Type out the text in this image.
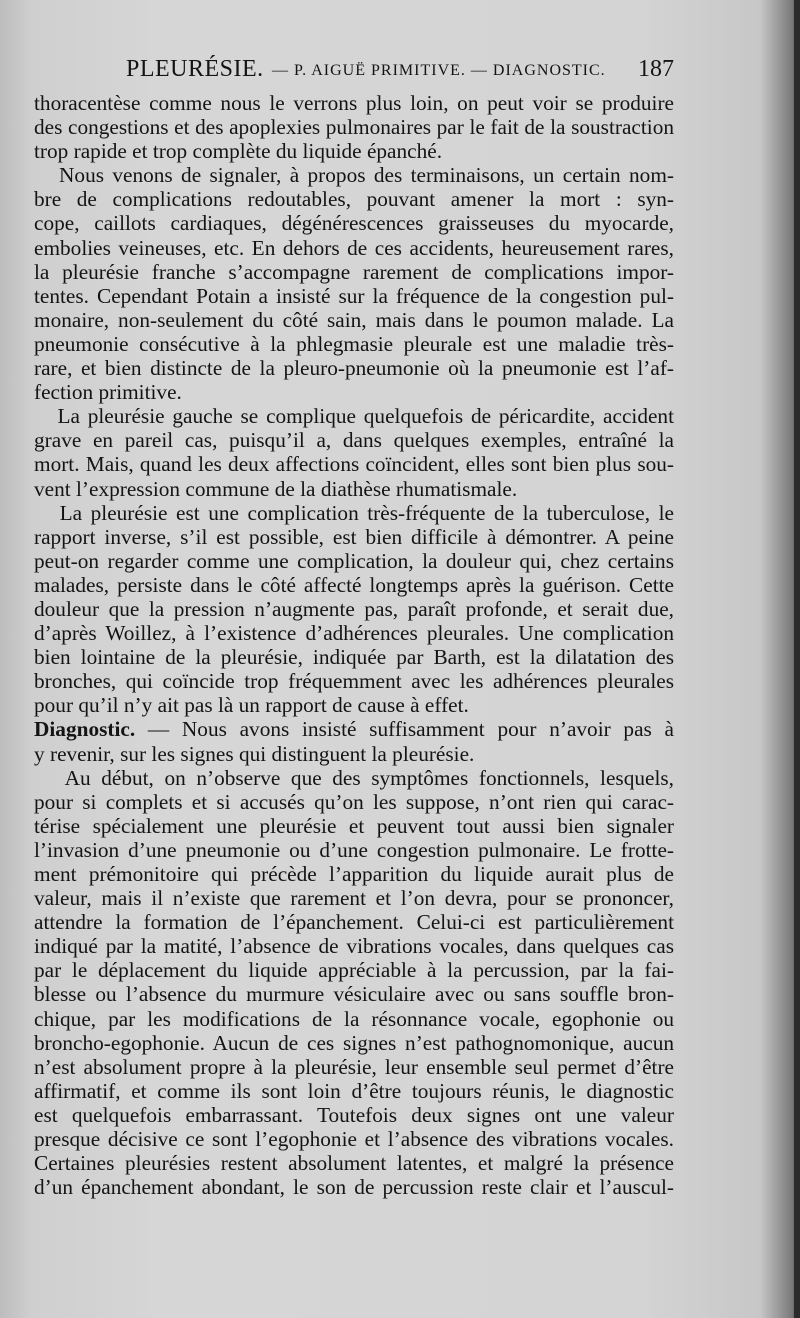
PLEURÉSIE. — P. AIGUË PRIMITIVE. — DIAGNOSTIC. 187
thoracentèse comme nous le verrons plus loin, on peut voir se produire
des congestions et des apoplexies pulmonaires par le fait de la soustraction
trop rapide et trop complète du liquide épanché.
Nous venons de signaler, à propos des terminaisons, un certain nom-
bre de complications redoutables, pouvant amener la mort : syn-
cope, caillots cardiaques, dégénérescences graisseuses du myocarde,
embolies veineuses, etc. En dehors de ces accidents, heureusement rares,
la pleurésie franche s’accompagne rarement de complications impor-
tentes. Cependant Potain a insisté sur la fréquence de la congestion pul-
monaire, non-seulement du côté sain, mais dans le poumon malade. La
pneumonie consécutive à la phlegmasie pleurale est une maladie très-
rare, et bien distincte de la pleuro-pneumonie où la pneumonie est l’af-
fection primitive.
La pleurésie gauche se complique quelquefois de péricardite, accident
grave en pareil cas, puisqu’il a, dans quelques exemples, entraîné la
mort. Mais, quand les deux affections coïncident, elles sont bien plus sou-
vent l’expression commune de la diathèse rhumatismale.
La pleurésie est une complication très-fréquente de la tuberculose, le
rapport inverse, s’il est possible, est bien difficile à démontrer. A peine
peut-on regarder comme une complication, la douleur qui, chez certains
malades, persiste dans le côté affecté longtemps après la guérison. Cette
douleur que la pression n’augmente pas, paraît profonde, et serait due,
d’après Woillez, à l’existence d’adhérences pleurales. Une complication
bien lointaine de la pleurésie, indiquée par Barth, est la dilatation des
bronches, qui coïncide trop fréquemment avec les adhérences pleurales
pour qu’il n’y ait pas là un rapport de cause à effet.
Diagnostic. — Nous avons insisté suffisamment pour n’avoir pas à
y revenir, sur les signes qui distinguent la pleurésie.
Au début, on n’observe que des symptômes fonctionnels, lesquels,
pour si complets et si accusés qu’on les suppose, n’ont rien qui carac-
térise spécialement une pleurésie et peuvent tout aussi bien signaler
l’invasion d’une pneumonie ou d’une congestion pulmonaire. Le frotte-
ment prémonitoire qui précède l’apparition du liquide aurait plus de
valeur, mais il n’existe que rarement et l’on devra, pour se prononcer,
attendre la formation de l’épanchement. Celui-ci est particulièrement
indiqué par la matité, l’absence de vibrations vocales, dans quelques cas
par le déplacement du liquide appréciable à la percussion, par la fai-
blesse ou l’absence du murmure vésiculaire avec ou sans souffle bron-
chique, par les modifications de la résonnance vocale, egophonie ou
broncho-egophonie. Aucun de ces signes n’est pathognomonique, aucun
n’est absolument propre à la pleurésie, leur ensemble seul permet d’être
affirmatif, et comme ils sont loin d’être toujours réunis, le diagnostic
est quelquefois embarrassant. Toutefois deux signes ont une valeur
presque décisive ce sont l’egophonie et l’absence des vibrations vocales.
Certaines pleurésies restent absolument latentes, et malgré la présence
d’un épanchement abondant, le son de percussion reste clair et l’auscul-
